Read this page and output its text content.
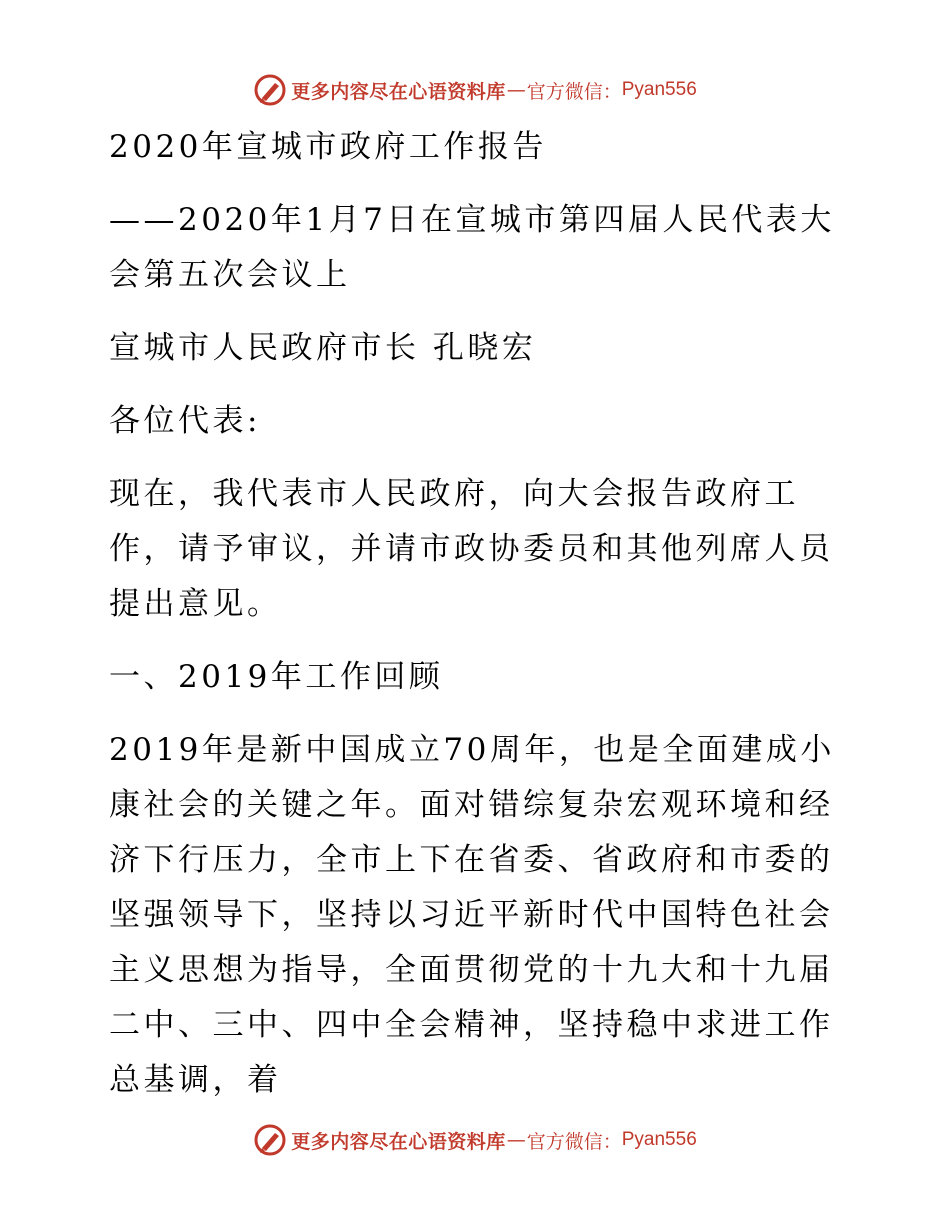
更多内容尽在心语资料库 — 官方微信： Pyan556
2020年宣城市政府工作报告
——2020年1月7日在宣城市第四届人民代表大会第五次会议上
宣城市人民政府市长 孔晓宏
各位代表:
现在，我代表市人民政府，向大会报告政府工作，请予审议，并请市政协委员和其他列席人员提出意见。
一、2019年工作回顾
2019年是新中国成立70周年，也是全面建成小康社会的关键之年。面对错综复杂宏观环境和经济下行压力，全市上下在省委、省政府和市委的坚强领导下，坚持以习近平新时代中国特色社会主义思想为指导，全面贯彻党的十九大和十九届二中、三中、四中全会精神，坚持稳中求进工作总基调，着
更多内容尽在心语资料库 — 官方微信： Pyan556
